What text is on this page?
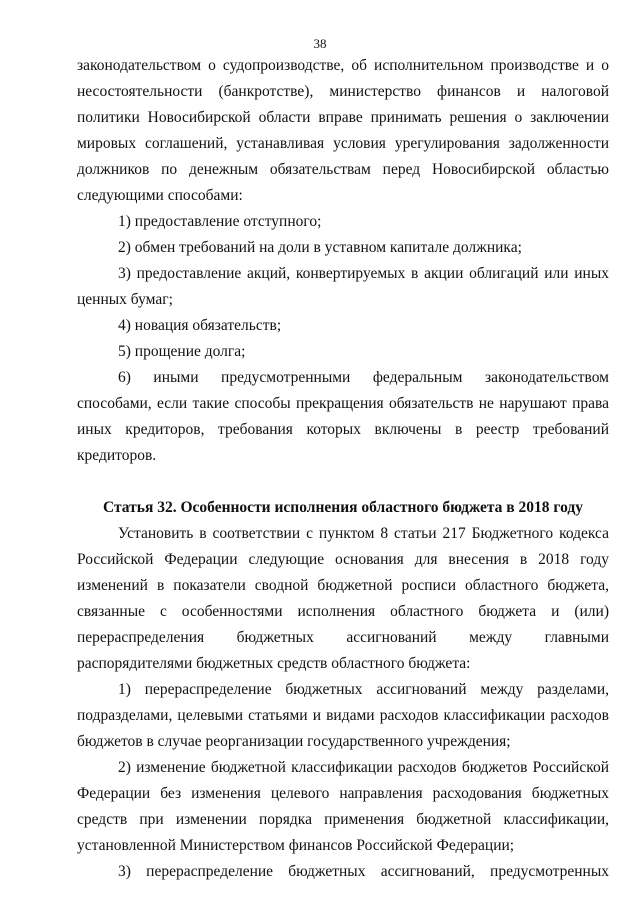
38

законодательством о судопроизводстве, об исполнительном производстве и о несостоятельности (банкротстве), министерство финансов и налоговой политики Новосибирской области вправе принимать решения о заключении мировых соглашений, устанавливая условия урегулирования задолженности должников по денежным обязательствам перед Новосибирской областью следующими способами:

1) предоставление отступного;

2) обмен требований на доли в уставном капитале должника;

3) предоставление акций, конвертируемых в акции облигаций или иных ценных бумаг;

4) новация обязательств;

5) прощение долга;

6) иными предусмотренными федеральным законодательством способами, если такие способы прекращения обязательств не нарушают права иных кредиторов, требования которых включены в реестр требований кредиторов.

Статья 32. Особенности исполнения областного бюджета в 2018 году

Установить в соответствии с пунктом 8 статьи 217 Бюджетного кодекса Российской Федерации следующие основания для внесения в 2018 году изменений в показатели сводной бюджетной росписи областного бюджета, связанные с особенностями исполнения областного бюджета и (или) перераспределения бюджетных ассигнований между главными распорядителями бюджетных средств областного бюджета:

1) перераспределение бюджетных ассигнований между разделами, подразделами, целевыми статьями и видами расходов классификации расходов бюджетов в случае реорганизации государственного учреждения;

2) изменение бюджетной классификации расходов бюджетов Российской Федерации без изменения целевого направления расходования бюджетных средств при изменении порядка применения бюджетной классификации, установленной Министерством финансов Российской Федерации;

3) перераспределение бюджетных ассигнований, предусмотренных
